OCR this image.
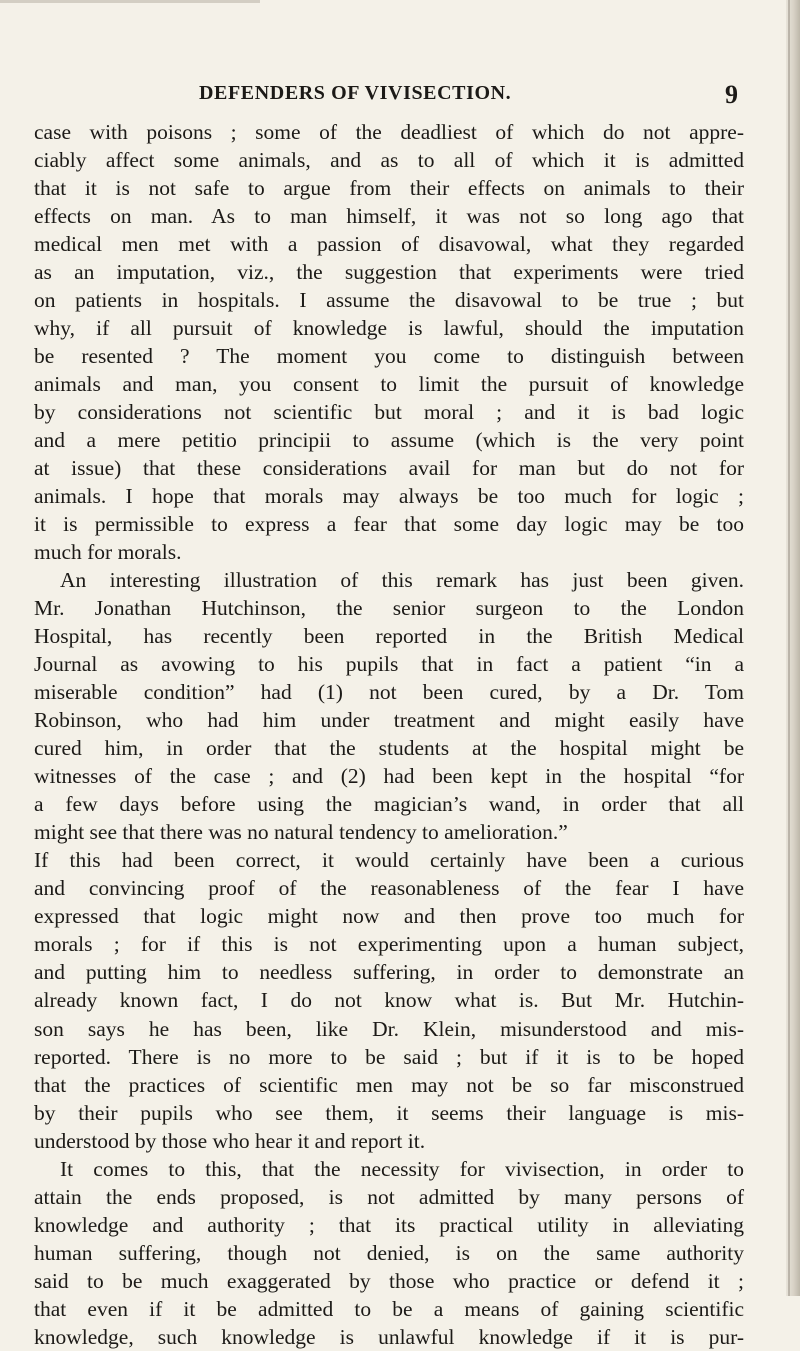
DEFENDERS OF VIVISECTION.	9
case with poisons ; some of the deadliest of which do not appre-
ciably affect some animals, and as to all of which it is admitted
that it is not safe to argue from their effects on animals to their
effects on man. As to man himself, it was not so long ago that
medical men met with a passion of disavowal, what they regarded
as an imputation, viz., the suggestion that experiments were tried
on patients in hospitals. I assume the disavowal to be true ; but
why, if all pursuit of knowledge is lawful, should the imputation
be resented ? The moment you come to distinguish between
animals and man, you consent to limit the pursuit of knowledge
by considerations not scientific but moral ; and it is bad logic
and a mere petitio principii to assume (which is the very point
at issue) that these considerations avail for man but do not for
animals. I hope that morals may always be too much for logic ;
it is permissible to express a fear that some day logic may be too
much for morals.
An interesting illustration of this remark has just been given.
Mr. Jonathan Hutchinson, the senior surgeon to the London
Hospital, has recently been reported in the British Medical
Journal as avowing to his pupils that in fact a patient “in a
miserable condition” had (1) not been cured, by a Dr. Tom
Robinson, who had him under treatment and might easily have
cured him, in order that the students at the hospital might be
witnesses of the case ; and (2) had been kept in the hospital “for
a few days before using the magician’s wand, in order that all
might see that there was no natural tendency to amelioration.”
If this had been correct, it would certainly have been a curious
and convincing proof of the reasonableness of the fear I have
expressed that logic might now and then prove too much for
morals ; for if this is not experimenting upon a human subject,
and putting him to needless suffering, in order to demonstrate an
already known fact, I do not know what is. But Mr. Hutchin-
son says he has been, like Dr. Klein, misunderstood and mis-
reported. There is no more to be said ; but if it is to be hoped
that the practices of scientific men may not be so far misconstrued
by their pupils who see them, it seems their language is mis-
understood by those who hear it and report it.
It comes to this, that the necessity for vivisection, in order to
attain the ends proposed, is not admitted by many persons of
knowledge and authority ; that its practical utility in alleviating
human suffering, though not denied, is on the same authority
said to be much exaggerated by those who practice or defend it ;
that even if it be admitted to be a means of gaining scientific
knowledge, such knowledge is unlawful knowledge if it is pur-
